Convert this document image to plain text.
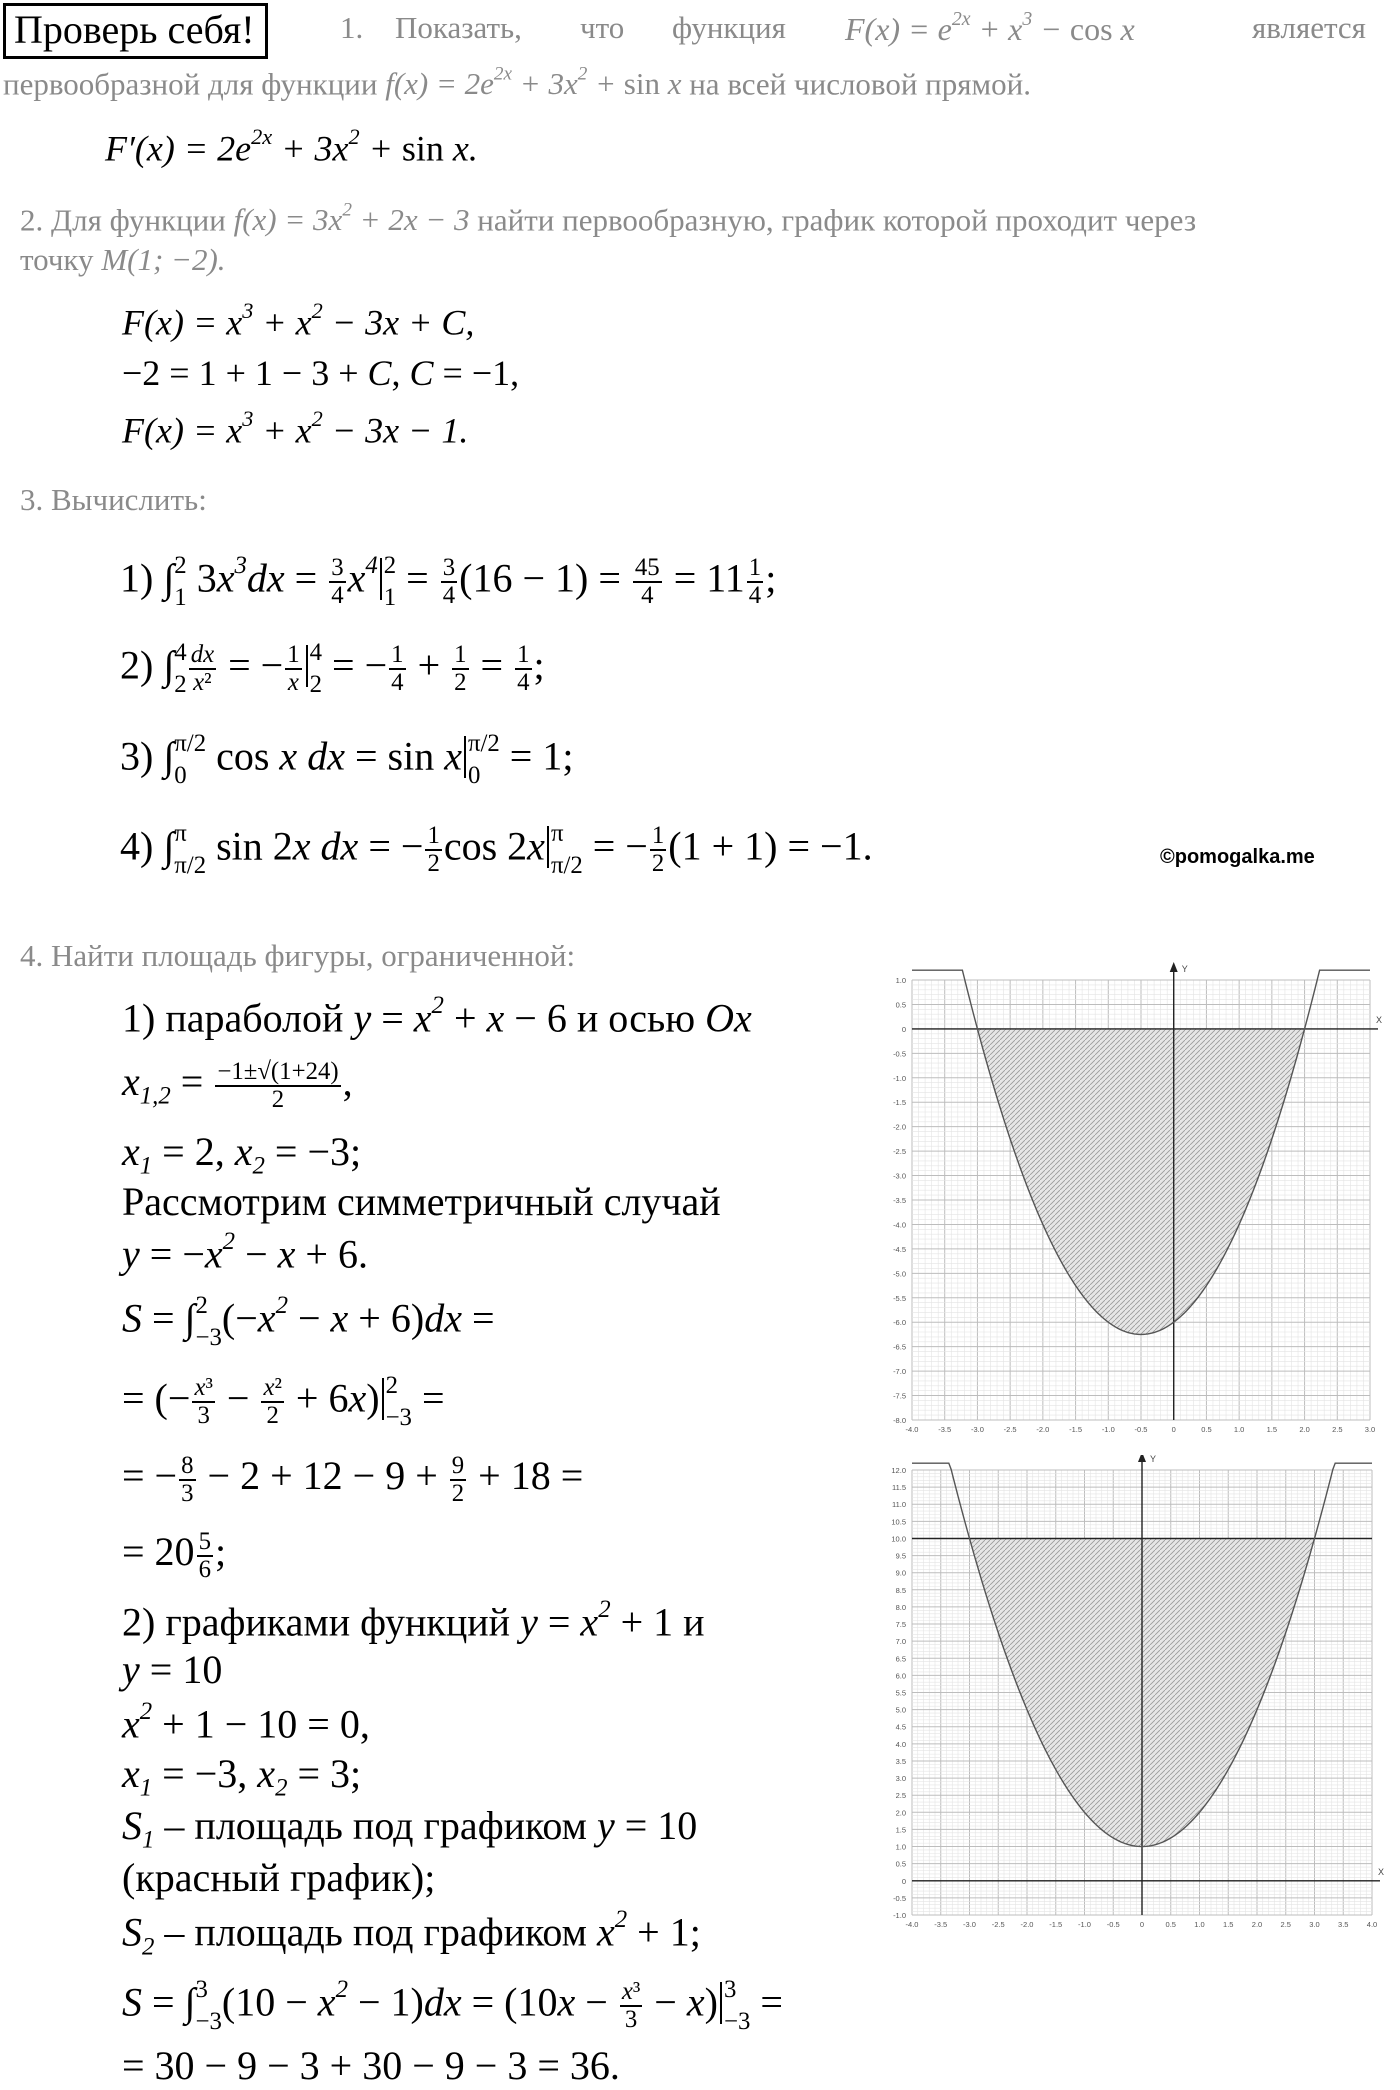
Проверь себя!	1. Показать, что функция $F(x) = e^{2x} + x^3 - \cos x$	является
первообразной для функции $f(x) = 2e^{2x} + 3x^2 + \sin x$ на всей числовой прямой.
$F'(x) = 2e^{2x} + 3x^2 + \sin x$.
2. Для функции $f(x) = 3x^2 + 2x - 3$ найти первообразную, график которой проходит через
точку M(1; −2).
$F(x) = x^3 + x^2 - 3x + C$,
−2 = 1 + 1 − 3 + C, C = −1,
$F(x) = x^3 + x^2 - 3x - 1$.
3. Вычислить:
1) ∫ 2
1 $3x^3dx = \frac{3}{4} x^4$ 2
$1 = \frac{3}{4} (16 - 1) = \frac{45}{4} = 11 \frac{1}{4}$ ;
2) ∫ 4
$2 \frac{dx}{\text{x²}}$ = − $\frac{1}{x} 4$
2 = − $\frac{1}{4} + \frac{1}{2} = \frac{1}{4}$ ;
3) ∫ π/2
0 cos x dx = sin x π/2
0 = 1;
4) ∫ π
π/2 sin 2x dx = − $\frac{1}{2}$ cos 2x π
π/2 = − $\frac{1}{2} (1 + 1) = -1$.	©pomogalka.me
4. Найти площадь фигуры, ограниченной:
1) параболой $y = x^2 + x - 6$ и осью Ox
$x_{1,2} = \frac{-1\pm√(1+24)}{2}$ ,
$x_1 = 2$, $x_2 = -3$;
Рассмотрим симметричный случай
$y = -x^2 - x + 6$.
S = ∫ 2
−3 $(-x^2 - x + 6)dx$ =
= (− $\frac{\text{x³}}{3} - \frac{\text{x²}}{2} + 6x$) 2
−3 =
= − $\frac{8}{3} - 2 + 12 - 9 + \frac{9}{2} + 18$ =
= $20 \frac{5}{6}$ ;
2) графиками функций $y = x^2 + 1$ и
y = 10
$x^2 + 1 - 10 = 0$,
$x_1 = -3$, $x_2 = 3$;
$S_1$ – площадь под графиком y = 10
(красный график);
$S_2$ – площадь под графиком $x^2 + 1$;
S = ∫ 3
−3 $(10 - x^2 - 1)dx = (10x - \frac{\text{x³}}{3} - x)$ 3
−3 =
= 30 − 9 − 3 + 30 − 9 − 3 = 36.
X
Y
1.0
0.5
0
-0.5
-1.0
-1.5
-2.0
-2.5
-3.0
-3.5
-4.0
-4.5
-5.0
-5.5
-6.0
-6.5
-7.0
-7.5
-8.0
-4.0	-3.5	-3.0	-2.5	-2.0	-1.5	-1.0	-0.5	0	0.5	1.0	1.5	2.0	2.5	3.0
X
Y
12.0
11.5
11.0
10.5
10.0
9.5
9.0
8.5
8.0
7.5
7.0
6.5
6.0
5.5
5.0
4.5
4.0
3.5
3.0
2.5
2.0
1.5
1.0
0.5
0
-0.5
-1.0
-4.0 -3.5 -3.0 -2.5 -2.0 -1.5 -1.0 -0.5	0	0.5 1.0 1.5 2.0 2.5 3.0 3.5 4.0
